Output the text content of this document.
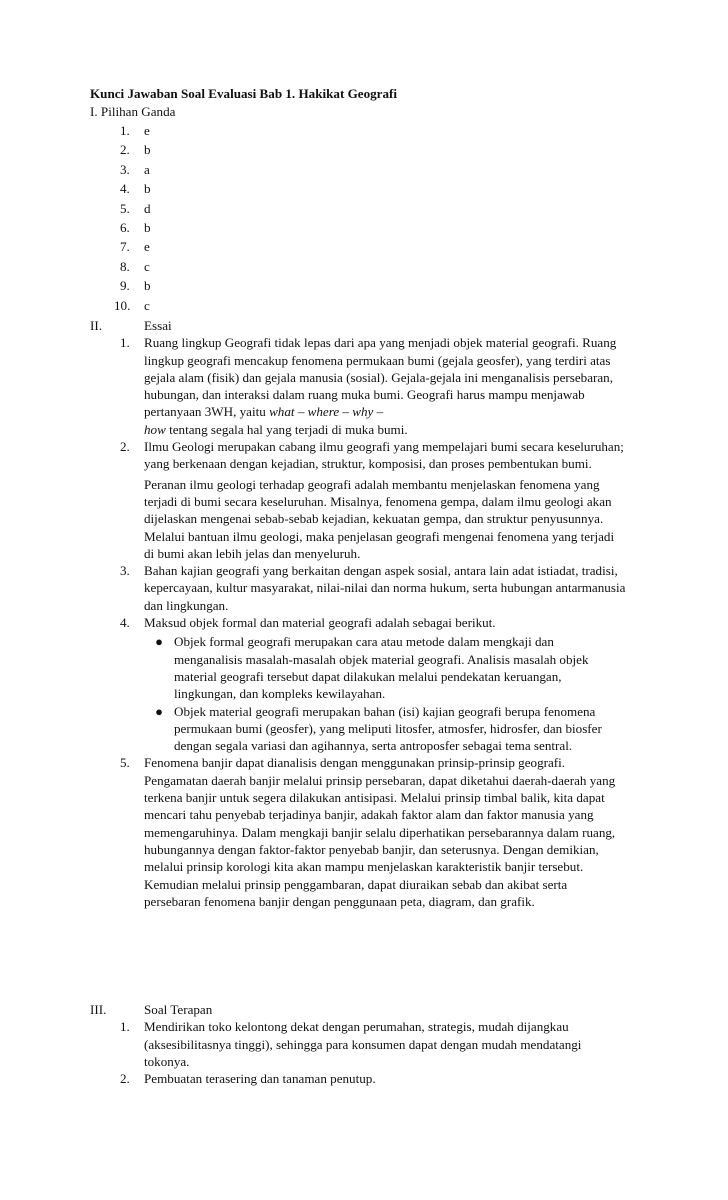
Kunci Jawaban Soal Evaluasi Bab 1. Hakikat Geografi
I. Pilihan Ganda
1.	e
2.	b
3.	a
4.	b
5.	d
6.	b
7.	e
8.	c
9.	b
10.	c
II.	Essai
1.	Ruang lingkup Geografi tidak lepas dari apa yang menjadi objek material geografi. Ruang lingkup geografi mencakup fenomena permukaan bumi (gejala geosfer), yang terdiri atas gejala alam (fisik) dan gejala manusia (sosial). Gejala-gejala ini menganalisis persebaran, hubungan, dan interaksi dalam ruang muka bumi. Geografi harus mampu menjawab pertanyaan 3WH, yaitu what – where – why –
how tentang segala hal yang terjadi di muka bumi.
2.	Ilmu Geologi merupakan cabang ilmu geografi yang mempelajari bumi secara keseluruhan; yang berkenaan dengan kejadian, struktur, komposisi, dan proses pembentukan bumi.

Peranan ilmu geologi terhadap geografi adalah membantu menjelaskan fenomena yang terjadi di bumi secara keseluruhan. Misalnya, fenomena gempa, dalam ilmu geologi akan dijelaskan mengenai sebab-sebab kejadian, kekuatan gempa, dan struktur penyusunnya. Melalui bantuan ilmu geologi, maka penjelasan geografi mengenai fenomena yang terjadi di bumi akan lebih jelas dan menyeluruh.

3.	Bahan kajian geografi yang berkaitan dengan aspek sosial, antara lain adat istiadat, tradisi, kepercayaan, kultur masyarakat, nilai-nilai dan norma hukum, serta hubungan antarmanusia dan lingkungan.
4.	Maksud objek formal dan material geografi adalah sebagai berikut.

● Objek formal geografi merupakan cara atau metode dalam mengkaji dan menganalisis masalah-masalah objek material geografi. Analisis masalah objek material geografi tersebut dapat dilakukan melalui pendekatan keruangan, lingkungan, dan kompleks kewilayahan.
● Objek material geografi merupakan bahan (isi) kajian geografi berupa fenomena permukaan bumi (geosfer), yang meliputi litosfer, atmosfer, hidrosfer, dan biosfer dengan segala variasi dan agihannya, serta antroposfer sebagai tema sentral.
5.	Fenomena banjir dapat dianalisis dengan menggunakan prinsip-prinsip geografi. Pengamatan daerah banjir melalui prinsip persebaran, dapat diketahui daerah-daerah yang terkena banjir untuk segera dilakukan antisipasi. Melalui prinsip timbal balik, kita dapat mencari tahu penyebab terjadinya banjir, adakah faktor alam dan faktor manusia yang memengaruhinya. Dalam mengkaji banjir selalu diperhatikan persebarannya dalam ruang, hubungannya dengan faktor-faktor penyebab banjir, dan seterusnya. Dengan demikian, melalui prinsip korologi kita akan mampu menjelaskan karakteristik banjir tersebut. Kemudian melalui prinsip penggambaran, dapat diuraikan sebab dan akibat serta persebaran fenomena banjir dengan penggunaan peta, diagram, dan grafik.
III.	Soal Terapan
1.	Mendirikan toko kelontong dekat dengan perumahan, strategis, mudah dijangkau (aksesibilitasnya tinggi), sehingga para konsumen dapat dengan mudah mendatangi tokonya.
2.	Pembuatan terasering dan tanaman penutup.
